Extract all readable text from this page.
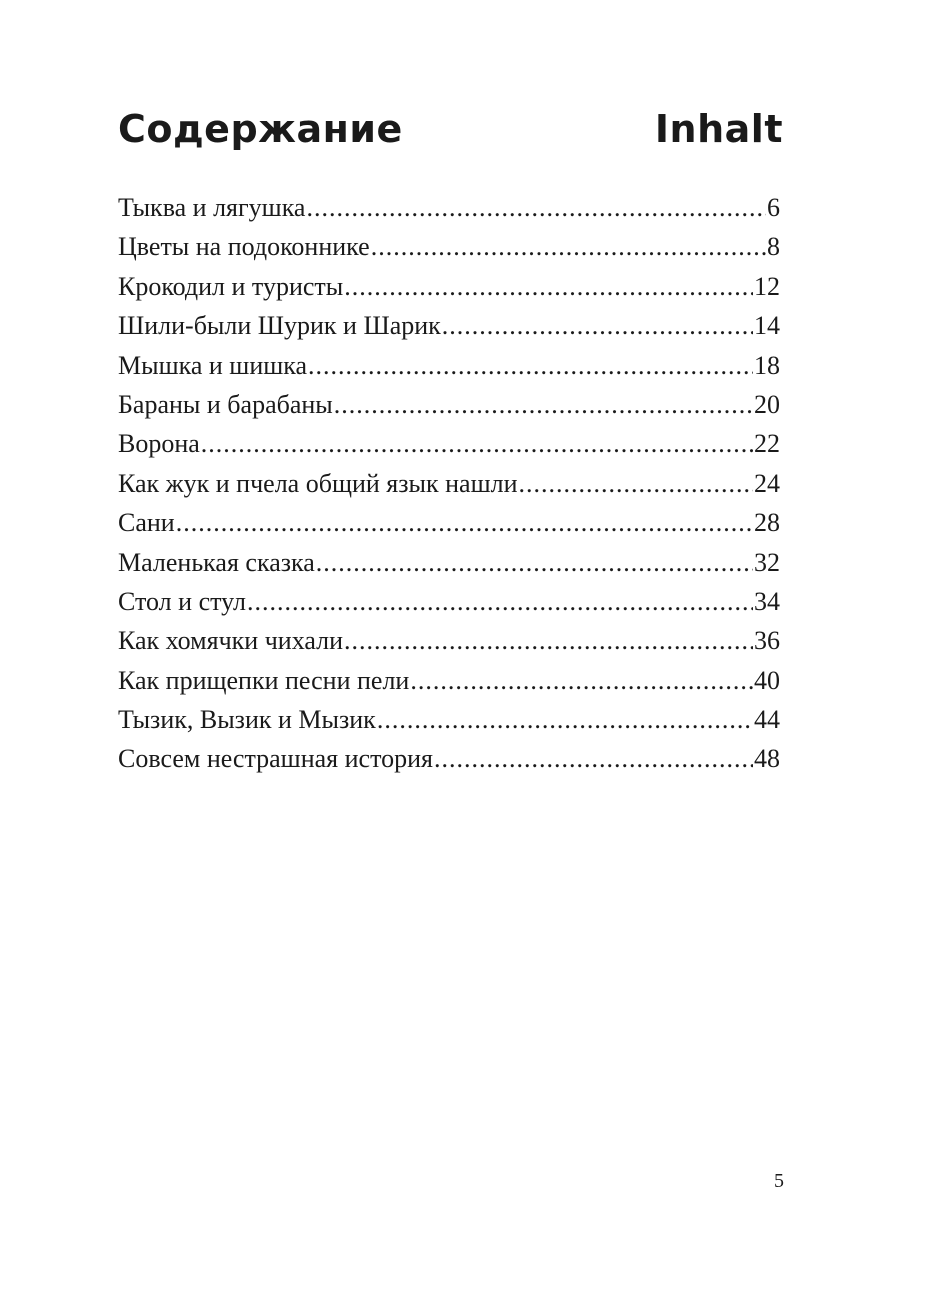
Содержание	Inhalt
Тыква и лягушка .....	6
Цветы на подоконнике .....	8
Крокодил и туристы .....	12
Шили-были Шурик и Шарик .....	14
Мышка и шишка .....	18
Бараны и барабаны .....	20
Ворона .....	22
Как жук и пчела общий язык нашли .....	24
Сани .....	28
Маленькая сказка .....	32
Стол и стул .....	34
Как хомячки чихали .....	36
Как прищепки песни пели .....	40
Тызик, Вызик и Мызик .....	44
Совсем нестрашная история .....	48
5
